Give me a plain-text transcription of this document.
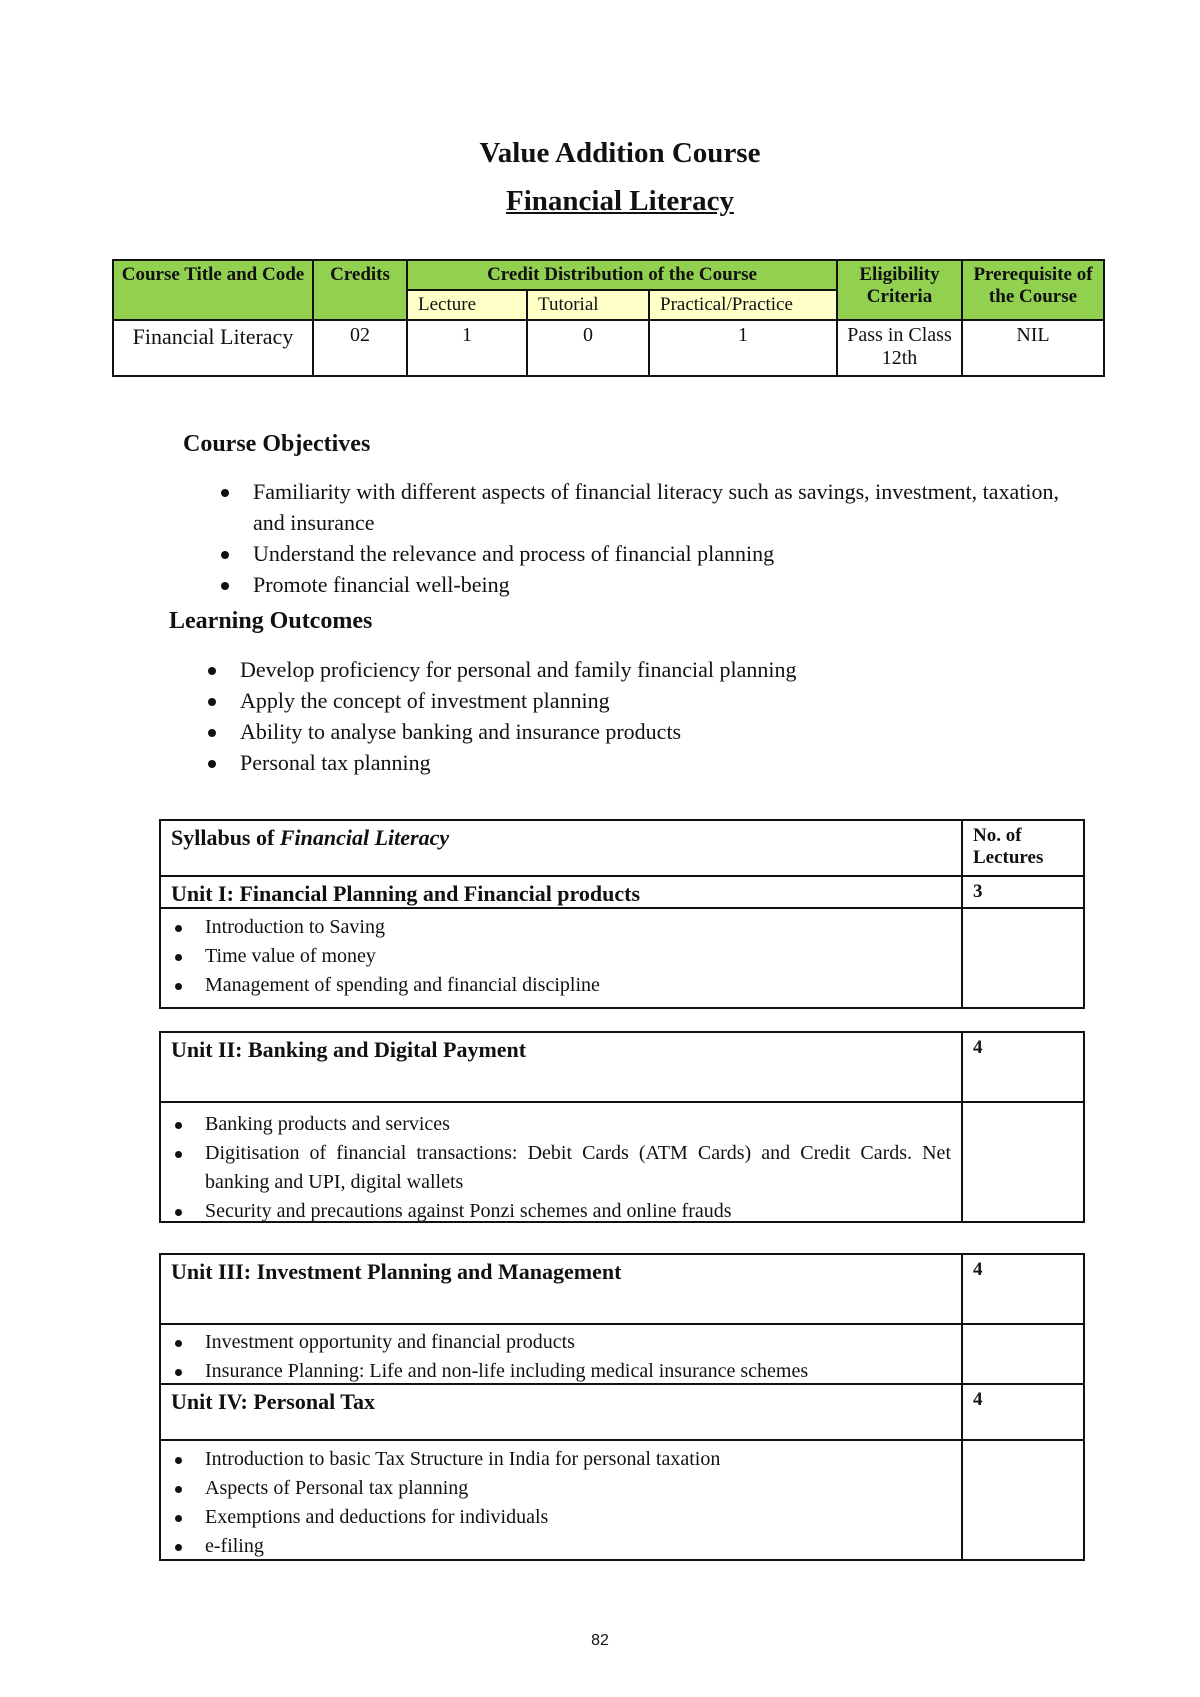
Value Addition Course
Financial Literacy
Course Title and Code	Credits	Credit Distribution of the Course			Eligibility Criteria	Prerequisite of the Course
		Lecture	Tutorial	Practical/Practice		
Financial Literacy	02	1	0	1	Pass in Class 12th	NIL
Course Objectives
Familiarity with different aspects of financial literacy such as savings, investment, taxation, and insurance
Understand the relevance and process of financial planning
Promote financial well-being
Learning Outcomes
Develop proficiency for personal and family financial planning
Apply the concept of investment planning
Ability to analyse banking and insurance products
Personal tax planning
Syllabus of Financial Literacy	No. of Lectures
Unit I: Financial Planning and Financial products	3
Introduction to Saving
Time value of money
Management of spending and financial discipline
Unit II: Banking and Digital Payment	4
Banking products and services
Digitisation of financial transactions: Debit Cards (ATM Cards) and Credit Cards. Net banking and UPI, digital wallets
Security and precautions against Ponzi schemes and online frauds
Unit III: Investment Planning and Management	4
Investment opportunity and financial products
Insurance Planning: Life and non-life including medical insurance schemes
Unit IV: Personal Tax	4
Introduction to basic Tax Structure in India for personal taxation
Aspects of Personal tax planning
Exemptions and deductions for individuals
e-filing
82
